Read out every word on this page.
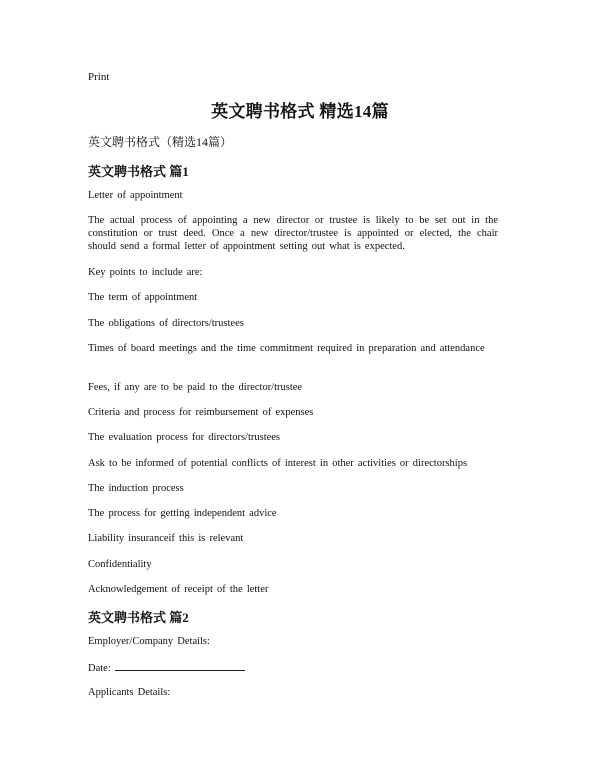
Print
英文聘书格式 精选14篇
英文聘书格式（精选14篇）
英文聘书格式 篇1
Letter of appointment
The actual process of appointing a new director or trustee is likely to be set out in the constitution or trust deed. Once a new director/trustee is appointed or elected, the chair should send a formal letter of appointment setting out what is expected.
Key points to include are:
The term of appointment
The obligations of directors/trustees
Times of board meetings and the time commitment required in preparation and attendance
Fees, if any are to be paid to the director/trustee
Criteria and process for reimbursement of expenses
The evaluation process for directors/trustees
Ask to be informed of potential conflicts of interest in other activities or directorships
The induction process
The process for getting independent advice
Liability insuranceif this is relevant
Confidentiality
Acknowledgement of receipt of the letter
英文聘书格式 篇2
Employer/Company Details:
Date:
Applicants Details:
